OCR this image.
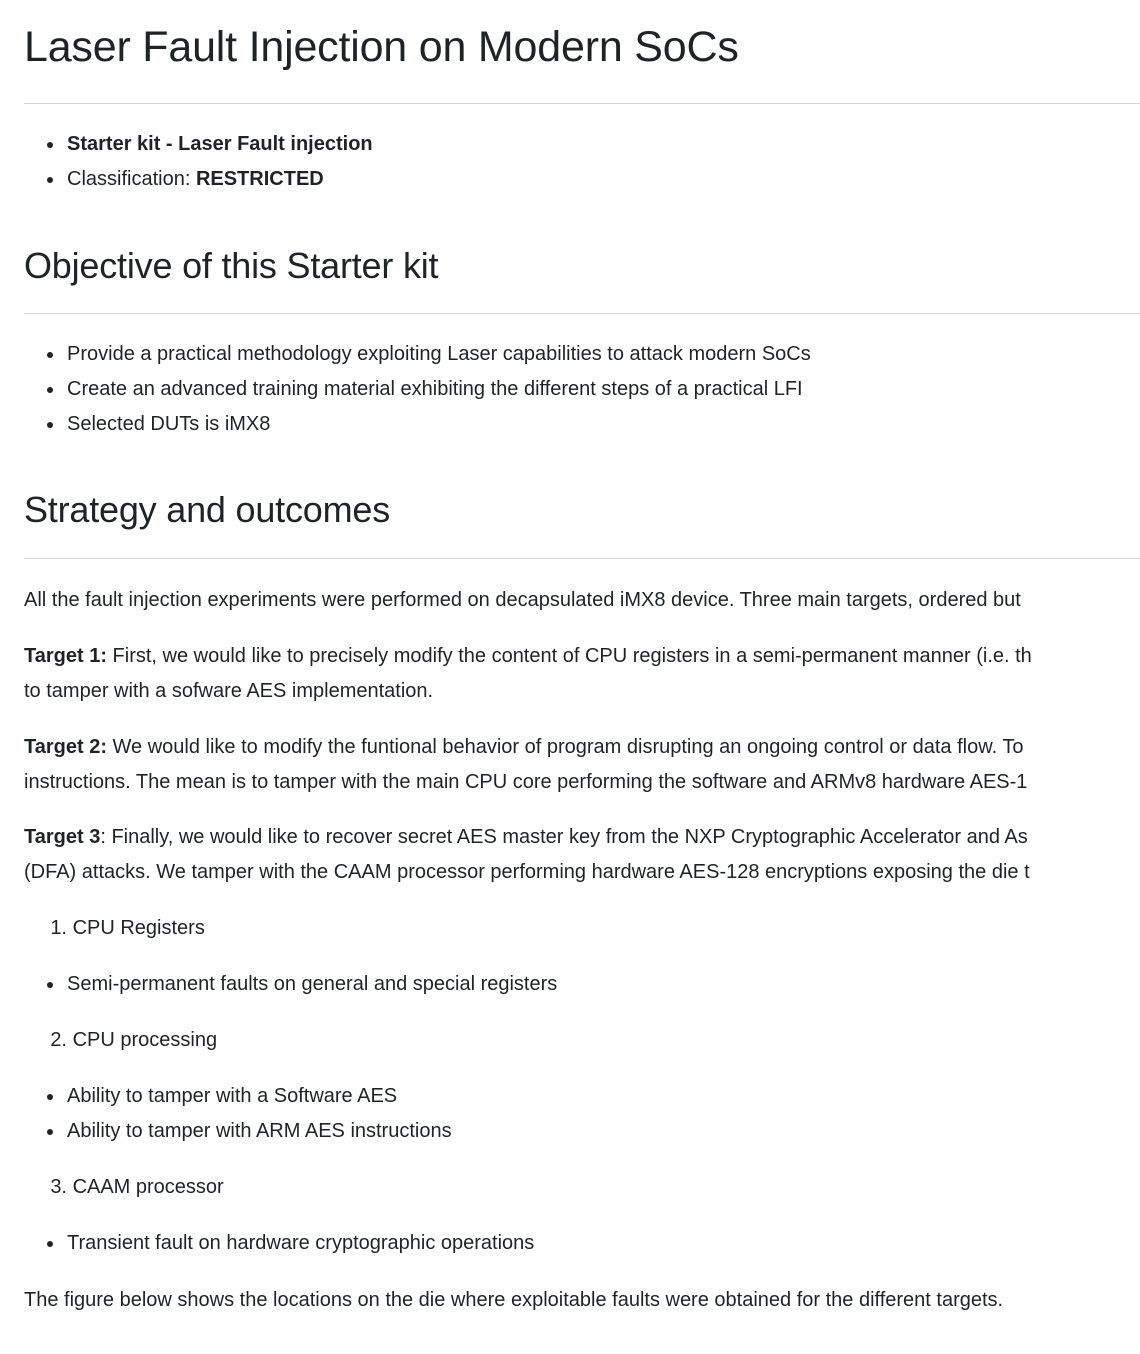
Laser Fault Injection on Modern SoCs
Starter kit - Laser Fault injection
Classification: RESTRICTED
Objective of this Starter kit
Provide a practical methodology exploiting Laser capabilities to attack modern SoCs
Create an advanced training material exhibiting the different steps of a practical LFI
Selected DUTs is iMX8
Strategy and outcomes
All the fault injection experiments were performed on decapsulated iMX8 device. Three main targets, ordered but
Target 1: First, we would like to precisely modify the content of CPU registers in a semi-permanent manner (i.e. th
to tamper with a sofware AES implementation.
Target 2: We would like to modify the funtional behavior of program disrupting an ongoing control or data flow. To
instructions. The mean is to tamper with the main CPU core performing the software and ARMv8 hardware AES-1
Target 3: Finally, we would like to recover secret AES master key from the NXP Cryptographic Accelerator and As
(DFA) attacks. We tamper with the CAAM processor performing hardware AES-128 encryptions exposing the die t
1. CPU Registers
Semi-permanent faults on general and special registers
2. CPU processing
Ability to tamper with a Software AES
Ability to tamper with ARM AES instructions
3. CAAM processor
Transient fault on hardware cryptographic operations
The figure below shows the locations on the die where exploitable faults were obtained for the different targets.
